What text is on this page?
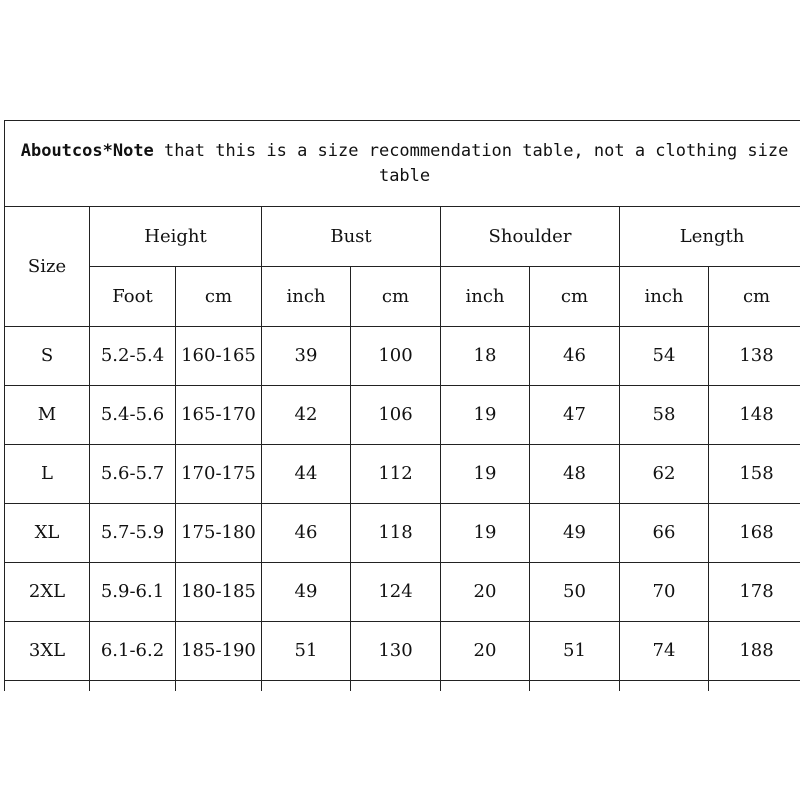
Aboutcos*Note that this is a size recommendation table, not a clothing size table								
Size	Height		Bust		Shoulder		Length	
	Foot	cm	inch	cm	inch	cm	inch	cm
S	5.2-5.4	160-165	39	100	18	46	54	138
M	5.4-5.6	165-170	42	106	19	47	58	148
L	5.6-5.7	170-175	44	112	19	48	62	158
XL	5.7-5.9	175-180	46	118	19	49	66	168
2XL	5.9-6.1	180-185	49	124	20	50	70	178
3XL	6.1-6.2	185-190	51	130	20	51	74	188
